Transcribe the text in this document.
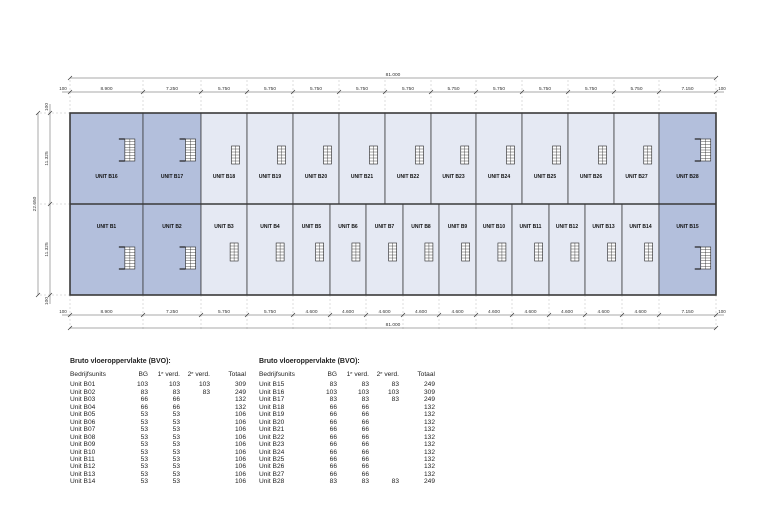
UNIT B16	UNIT B17	UNIT B18	UNIT B19	UNIT B20	UNIT B21	UNIT B22	UNIT B23	UNIT B24	UNIT B25	UNIT B26	UNIT B27	UNIT B28
UNIT B1	UNIT B2	UNIT B3	UNIT B4	UNIT B5	UNIT B6	UNIT B7	UNIT B8	UNIT B9	UNIT B10	UNIT B11	UNIT B12	UNIT B13	UNIT B14	UNIT B15
81.000
8.900	7.250	5.750	5.750	5.750	5.750	5.750	5.750	5.750	5.750	5.750	5.750	7.150
100	100
8.900	7.250	5.750	5.750	4.600	4.600	4.600	4.600	4.600	4.600	4.600	4.600	4.600	4.600	7.150
100	100
81.000
11.325
11.325
22.650
100
100
Bruto vloeroppervlakte (BVO):
Bedrijfsunits	BG	1e verd.	2e verd.	Totaal
Unit B01	103	103	103	309
Unit B02	83	83	83	249
Unit B03	66	66		132
Unit B04	66	66		132
Unit B05	53	53		106
Unit B06	53	53		106
Unit B07	53	53		106
Unit B08	53	53		106
Unit B09	53	53		106
Unit B10	53	53		106
Unit B11	53	53		106
Unit B12	53	53		106
Unit B13	53	53		106
Unit B14	53	53		106
Bruto vloeroppervlakte (BVO):
Bedrijfsunits	BG	1e verd.	2e verd.	Totaal
Unit B15	83	83	83	249
Unit B16	103	103	103	309
Unit B17	83	83	83	249
Unit B18	66	66		132
Unit B19	66	66		132
Unit B20	66	66		132
Unit B21	66	66		132
Unit B22	66	66		132
Unit B23	66	66		132
Unit B24	66	66		132
Unit B25	66	66		132
Unit B26	66	66		132
Unit B27	66	66		132
Unit B28	83	83	83	249
